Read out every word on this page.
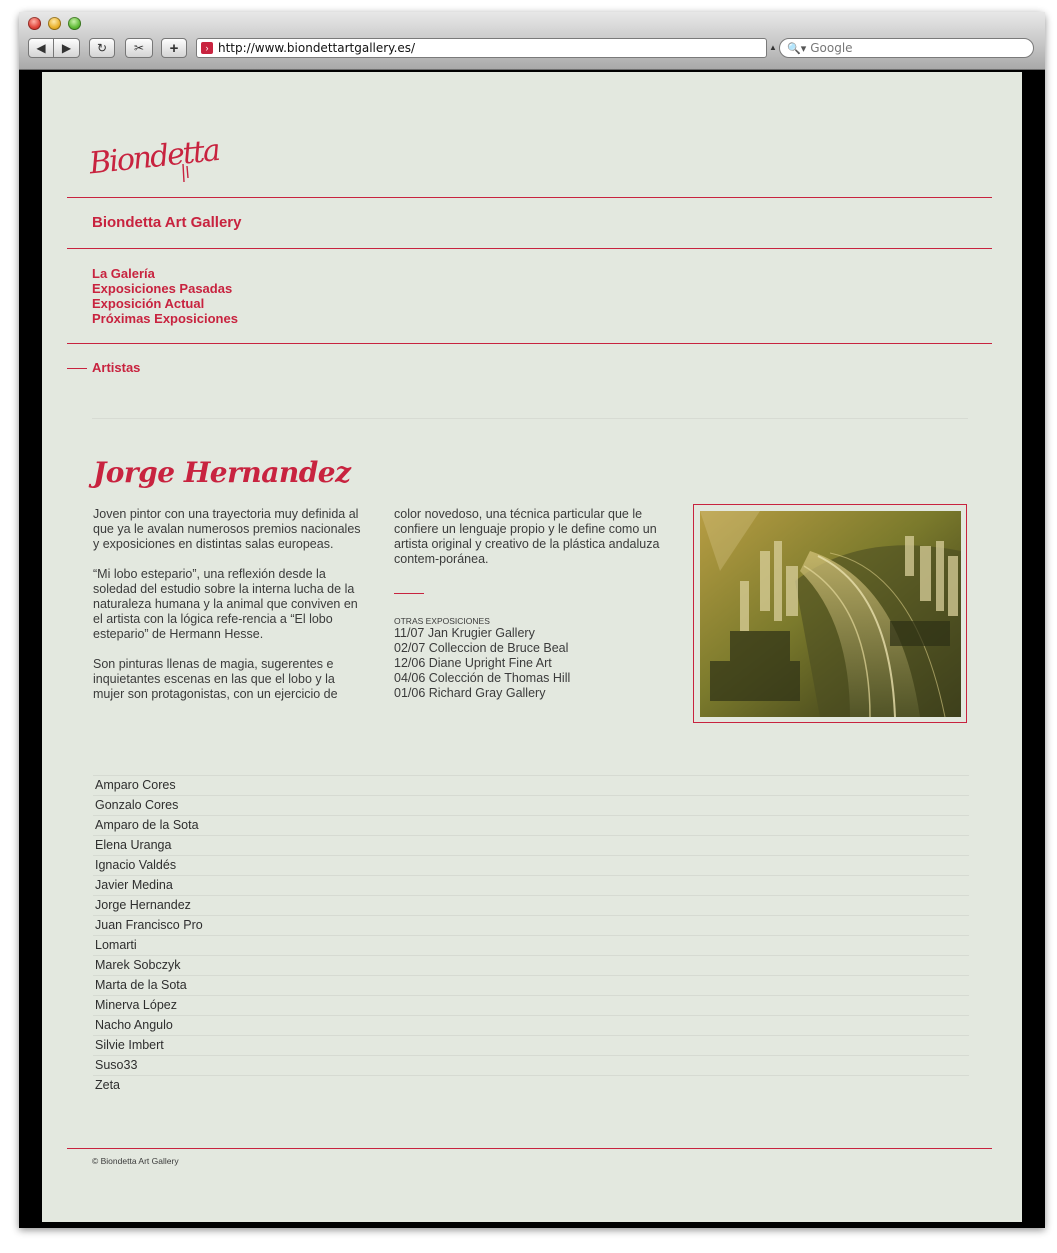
◀ ▶ ↻ ✂ +	› http://www.biondettartgallery.es/	▲ 🔍▾ Google
Biondetta
Biondetta Art Gallery
La Galería
Exposiciones Pasadas
Exposición Actual
Próximas Exposiciones
Artistas
Jorge Hernandez

Joven pintor con una trayectoria muy definida al que ya le avalan numerosos premios nacionales y exposiciones en distintas salas europeas.

“Mi lobo estepario”, una reflexión desde la soledad del estudio sobre la interna lucha de la naturaleza humana y la animal que conviven en el artista con la lógica refe-rencia a “El lobo estepario” de Hermann Hesse.

Son pinturas llenas de magia, sugerentes e inquietantes escenas en las que el lobo y la mujer son protagonistas, con un ejercicio de

color novedoso, una técnica particular que le confiere un lenguaje propio y le define como un artista original y creativo de la plástica andaluza contem-poránea.

OTRAS EXPOSICIONES
11/07 Jan Krugier Gallery
02/07 Colleccion de Bruce Beal
12/06 Diane Upright Fine Art
04/06 Colección de Thomas Hill
01/06 Richard Gray Gallery
Amparo Cores
Gonzalo Cores
Amparo de la Sota
Elena Uranga
Ignacio Valdés
Javier Medina
Jorge Hernandez
Juan Francisco Pro
Lomarti
Marek Sobczyk
Marta de la Sota
Minerva López
Nacho Angulo
Silvie Imbert
Suso33
Zeta
© Biondetta Art Gallery
